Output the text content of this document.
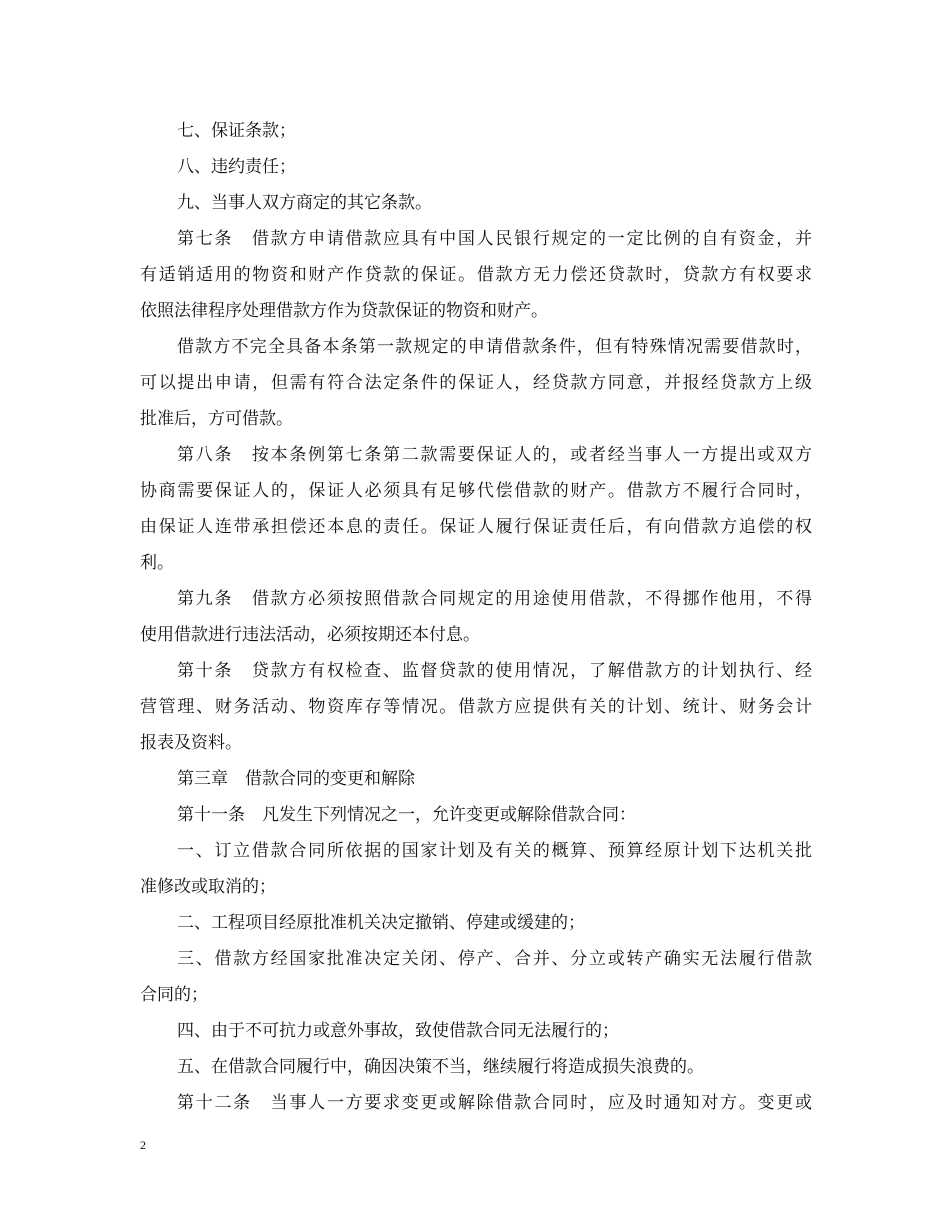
七、保证条款；
八、违约责任；
九、当事人双方商定的其它条款。
第七条　借款方申请借款应具有中国人民银行规定的一定比例的自有资金，并
有适销适用的物资和财产作贷款的保证。借款方无力偿还贷款时，贷款方有权要求
依照法律程序处理借款方作为贷款保证的物资和财产。
借款方不完全具备本条第一款规定的申请借款条件，但有特殊情况需要借款时，
可以提出申请，但需有符合法定条件的保证人，经贷款方同意，并报经贷款方上级
批准后，方可借款。
第八条　按本条例第七条第二款需要保证人的，或者经当事人一方提出或双方
协商需要保证人的，保证人必须具有足够代偿借款的财产。借款方不履行合同时，
由保证人连带承担偿还本息的责任。保证人履行保证责任后，有向借款方追偿的权
利。
第九条　借款方必须按照借款合同规定的用途使用借款，不得挪作他用，不得
使用借款进行违法活动，必须按期还本付息。
第十条　贷款方有权检查、监督贷款的使用情况，了解借款方的计划执行、经
营管理、财务活动、物资库存等情况。借款方应提供有关的计划、统计、财务会计
报表及资料。
第三章　借款合同的变更和解除
第十一条　凡发生下列情况之一，允许变更或解除借款合同：
一、订立借款合同所依据的国家计划及有关的概算、预算经原计划下达机关批
准修改或取消的；
二、工程项目经原批准机关决定撤销、停建或缓建的；
三、借款方经国家批准决定关闭、停产、合并、分立或转产确实无法履行借款
合同的；
四、由于不可抗力或意外事故，致使借款合同无法履行的；
五、在借款合同履行中，确因决策不当，继续履行将造成损失浪费的。
第十二条　当事人一方要求变更或解除借款合同时，应及时通知对方。变更或
2
